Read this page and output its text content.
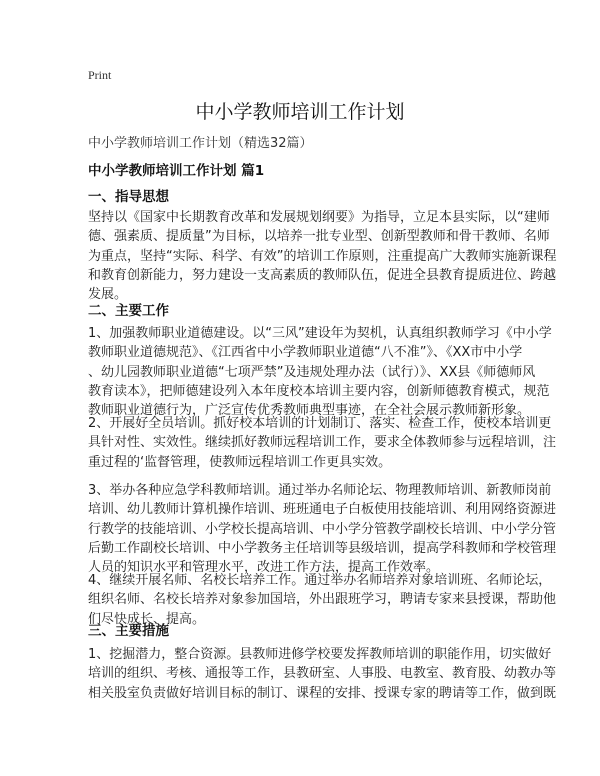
Print
中小学教师培训工作计划
中小学教师培训工作计划（精选32篇）
中小学教师培训工作计划 篇1
一、指导思想
坚持以《国家中长期教育改革和发展规划纲要》为指导，立足本县实际，以“建师
德、强素质、提质量”为目标，以培养一批专业型、创新型教师和骨干教师、名师
为重点，坚持“实际、科学、有效”的培训工作原则，注重提高广大教师实施新课程
和教育创新能力，努力建设一支高素质的教师队伍，促进全县教育提质进位、跨越
发展。
二、主要工作
1、加强教师职业道德建设。以“三风”建设年为契机，认真组织教师学习《中小学
教师职业道德规范》、《江西省中小学教师职业道德“八不准”》、《XX市中小学
、幼儿园教师职业道德“七项严禁”及违规处理办法（试行）》、XX县《师德师风
教育读本》，把师德建设列入本年度校本培训主要内容，创新师德教育模式，规范
教师职业道德行为，广泛宣传优秀教师典型事迹，在全社会展示教师新形象。
2、开展好全员培训。抓好校本培训的计划制订、落实、检查工作，使校本培训更
具针对性、实效性。继续抓好教师远程培训工作，要求全体教师参与远程培训，注
重过程的‘监督管理，使教师远程培训工作更具实效。
3、举办各种应急学科教师培训。通过举办名师论坛、物理教师培训、新教师岗前
培训、幼儿教师计算机操作培训、班班通电子白板使用技能培训、利用网络资源进
行教学的技能培训、小学校长提高培训、中小学分管教学副校长培训、中小学分管
后勤工作副校长培训、中小学教务主任培训等县级培训，提高学科教师和学校管理
人员的知识水平和管理水平，改进工作方法，提高工作效率。
4、继续开展名师、名校长培养工作。通过举办名师培养对象培训班、名师论坛，
组织名师、名校长培养对象参加国培，外出跟班学习，聘请专家来县授课，帮助他
们尽快成长、提高。
三、主要措施
1、挖掘潜力，整合资源。县教师进修学校要发挥教师培训的职能作用，切实做好
培训的组织、考核、通报等工作，县教研室、人事股、电教室、教育股、幼教办等
相关股室负责做好培训目标的制订、课程的安排、授课专家的聘请等工作，做到既
